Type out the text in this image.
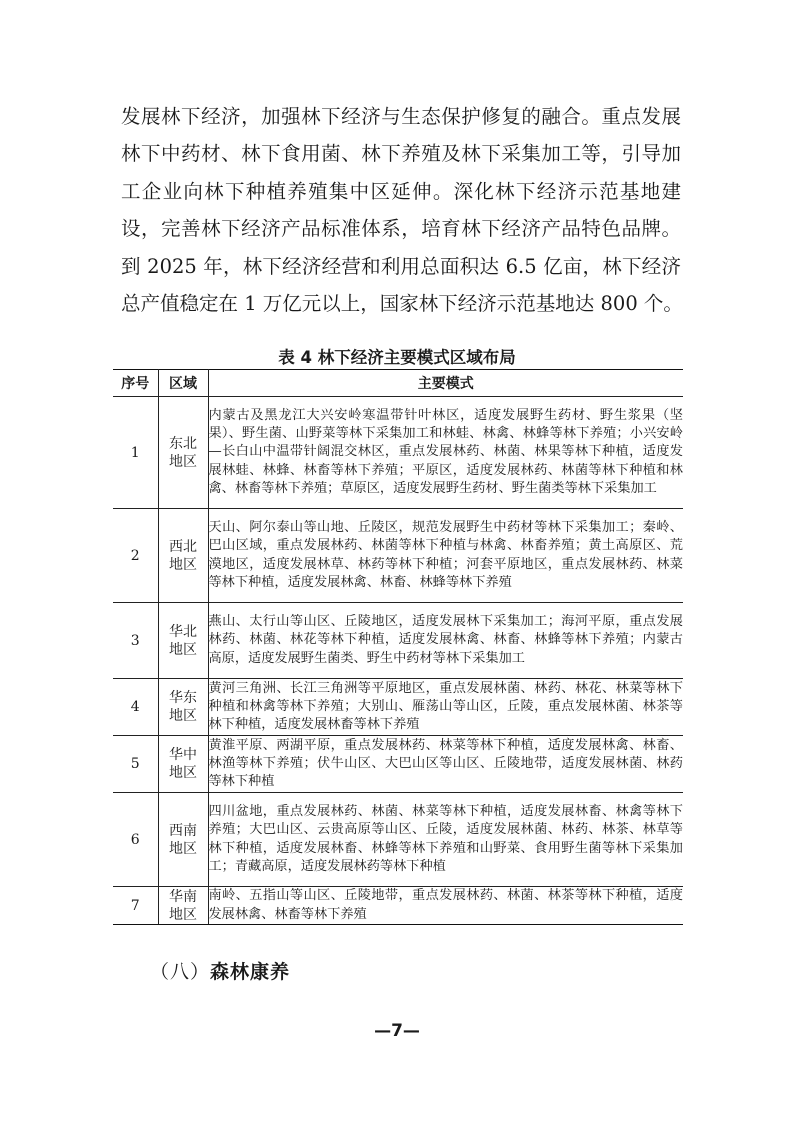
发展林下经济，加强林下经济与生态保护修复的融合。重点发展
林下中药材、林下食用菌、林下养殖及林下采集加工等，引导加
工企业向林下种植养殖集中区延伸。深化林下经济示范基地建
设，完善林下经济产品标准体系，培育林下经济产品特色品牌。
到 2025 年，林下经济经营和利用总面积达 6.5 亿亩，林下经济
总产值稳定在 1 万亿元以上，国家林下经济示范基地达 800 个。
表 4 林下经济主要模式区域布局
序号	区域	主要模式
1	东北地区	内蒙古及黑龙江大兴安岭寒温带针叶林区，适度发展野生药材、野生浆果（坚果）、野生菌、山野菜等林下采集加工和林蛙、林禽、林蜂等林下养殖；小兴安岭—长白山中温带针阔混交林区，重点发展林药、林菌、林果等林下种植，适度发展林蛙、林蜂、林畜等林下养殖；平原区，适度发展林药、林菌等林下种植和林禽、林畜等林下养殖；草原区，适度发展野生药材、野生菌类等林下采集加工
2	西北地区	天山、阿尔泰山等山地、丘陵区，规范发展野生中药材等林下采集加工；秦岭、巴山区域，重点发展林药、林菌等林下种植与林禽、林畜养殖；黄土高原区、荒漠地区，适度发展林草、林药等林下种植；河套平原地区，重点发展林药、林菜等林下种植，适度发展林禽、林畜、林蜂等林下养殖
3	华北地区	燕山、太行山等山区、丘陵地区，适度发展林下采集加工；海河平原，重点发展林药、林菌、林花等林下种植，适度发展林禽、林畜、林蜂等林下养殖；内蒙古高原，适度发展野生菌类、野生中药材等林下采集加工
4	华东地区	黄河三角洲、长江三角洲等平原地区，重点发展林菌、林药、林花、林菜等林下种植和林禽等林下养殖；大别山、雁荡山等山区，丘陵，重点发展林菌、林茶等林下种植，适度发展林畜等林下养殖
5	华中地区	黄淮平原、两湖平原，重点发展林药、林菜等林下种植，适度发展林禽、林畜、林渔等林下养殖；伏牛山区、大巴山区等山区、丘陵地带，适度发展林菌、林药等林下种植
6	西南地区	四川盆地，重点发展林药、林菌、林菜等林下种植，适度发展林畜、林禽等林下养殖；大巴山区、云贵高原等山区、丘陵，适度发展林菌、林药、林茶、林草等林下种植，适度发展林畜、林蜂等林下养殖和山野菜、食用野生菌等林下采集加工；青藏高原，适度发展林药等林下种植
7	华南地区	南岭、五指山等山区、丘陵地带，重点发展林药、林菌、林茶等林下种植，适度发展林禽、林畜等林下养殖
（八）森林康养
—7—
